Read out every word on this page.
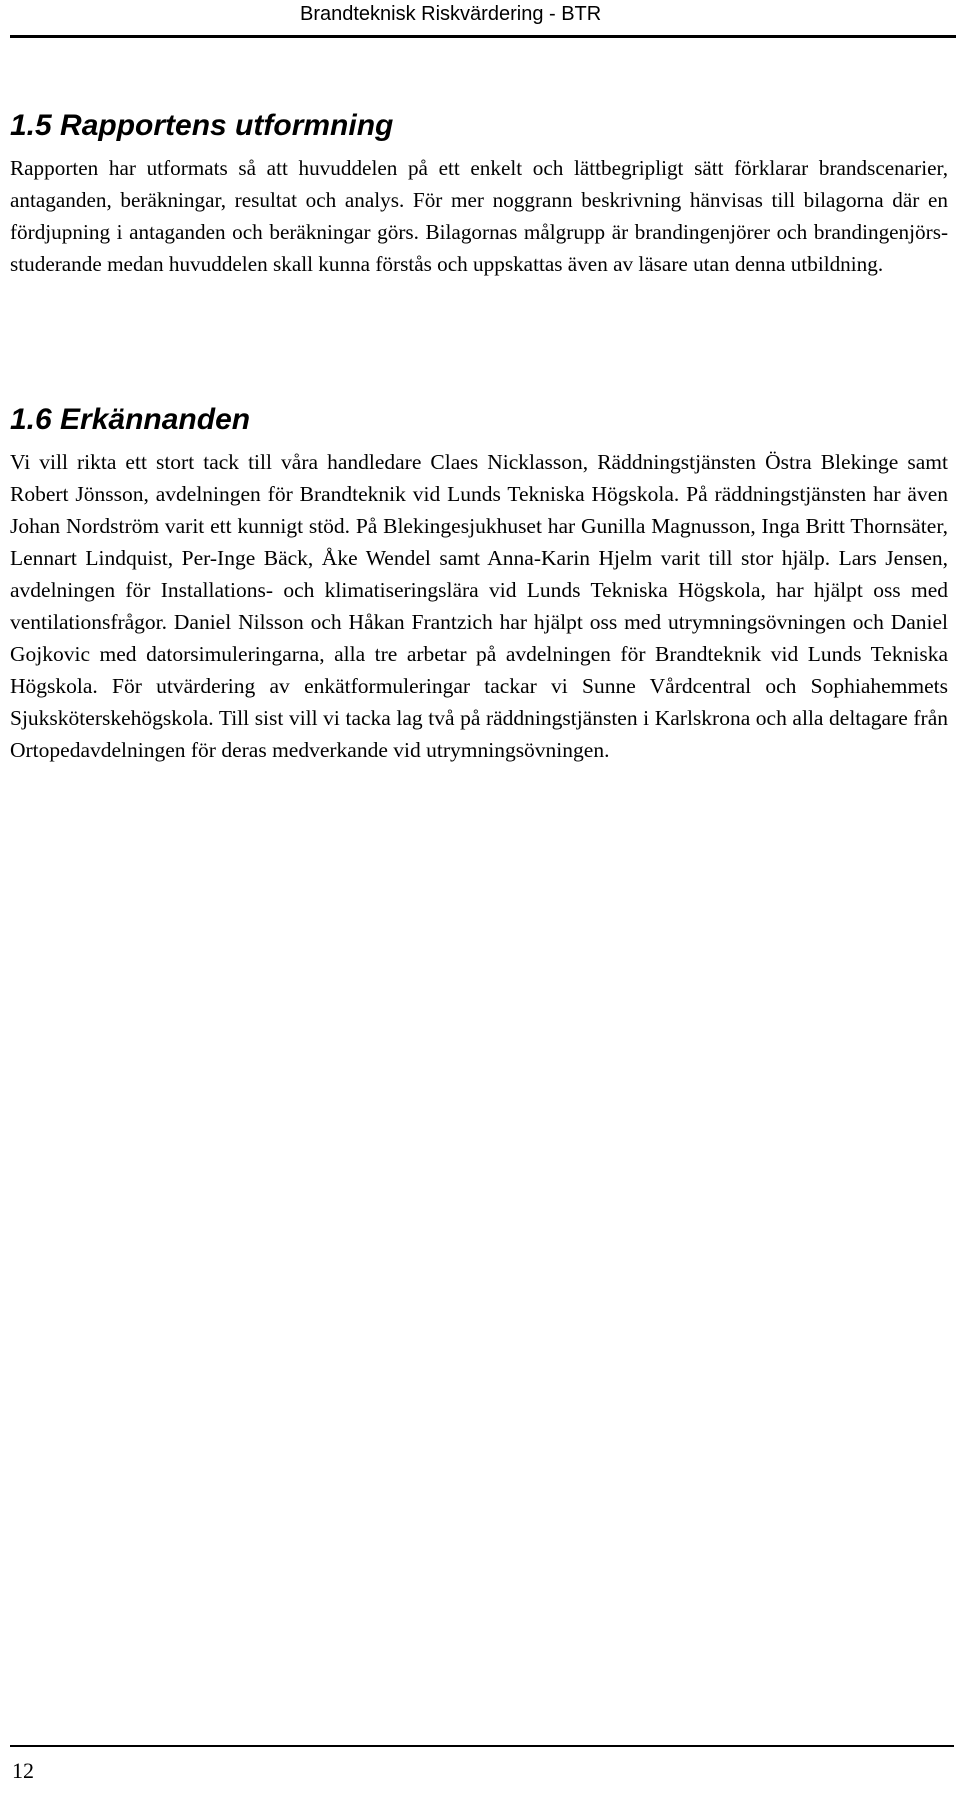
Brandteknisk Riskvärdering - BTR
1.5 Rapportens utformning

Rapporten har utformats så att huvuddelen på ett enkelt och lättbegripligt sätt förklarar brandscenarier, antaganden, beräkningar, resultat och analys. För mer noggrann beskrivning hänvisas till bilagorna där en fördjupning i antaganden och beräkningar görs. Bilagornas målgrupp är brandingenjörer och brandingenjörsstuderande medan huvuddelen skall kunna förstås och uppskattas även av läsare utan denna utbildning.

1.6 Erkännanden

Vi vill rikta ett stort tack till våra handledare Claes Nicklasson, Räddningstjänsten Östra Blekinge samt Robert Jönsson, avdelningen för Brandteknik vid Lunds Tekniska Högskola. På räddningstjänsten har även Johan Nordström varit ett kunnigt stöd. På Blekingesjukhuset har Gunilla Magnusson, Inga Britt Thornsäter, Lennart Lindquist, Per-Inge Bäck, Åke Wendel samt Anna-Karin Hjelm varit till stor hjälp. Lars Jensen, avdelningen för Installations- och klimatiseringslära vid Lunds Tekniska Högskola, har hjälpt oss med ventilationsfrågor. Daniel Nilsson och Håkan Frantzich har hjälpt oss med utrymningsövningen och Daniel Gojkovic med datorsimuleringarna, alla tre arbetar på avdelningen för Brandteknik vid Lunds Tekniska Högskola. För utvärdering av enkätformuleringar tackar vi Sunne Vårdcentral och Sophiahemmets Sjuksköterskehögskola. Till sist vill vi tacka lag två på räddningstjänsten i Karlskrona och alla deltagare från Ortopedavdelningen för deras medverkande vid utrymningsövningen.

12
